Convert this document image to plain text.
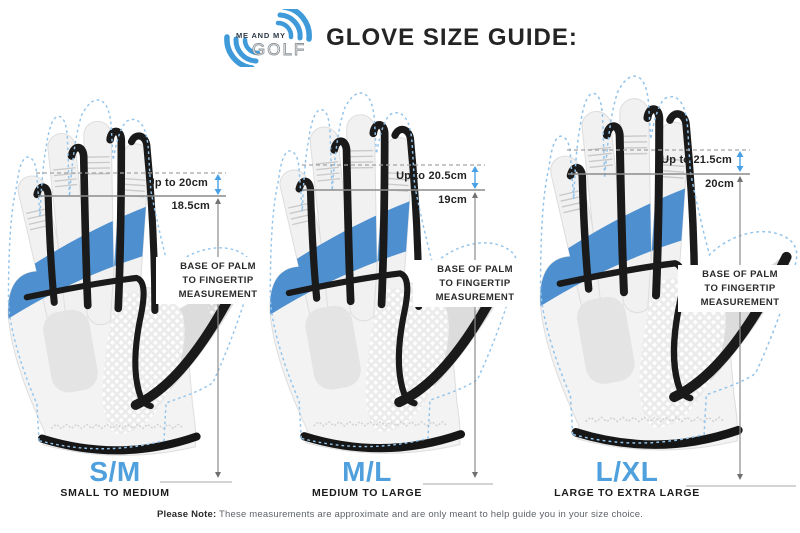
ME AND MY
GOLF GLOVE SIZE GUIDE:
Up to 20cm
18.5cm
BASE OF PALM
TO FINGERTIP
MEASUREMENT
S/M
SMALL TO MEDIUM
Up to 20.5cm
19cm
BASE OF PALM
TO FINGERTIP
MEASUREMENT
M/L
MEDIUM TO LARGE
Up to 21.5cm
20cm
BASE OF PALM
TO FINGERTIP
MEASUREMENT
L/XL
LARGE TO EXTRA LARGE
Please Note: These measurements are approximate and are only meant to help guide you in your size choice.
